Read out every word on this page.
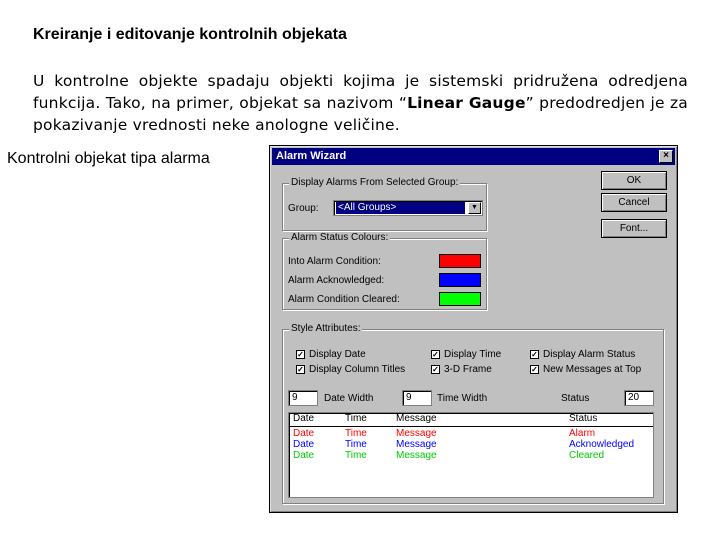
Kreiranje i editovanje kontrolnih objekata
U kontrolne objekte spadaju objekti kojima je sistemski pridružena odredjena funkcija. Tako, na primer, objekat sa nazivom “Linear Gauge” predodredjen je za pokazivanje vrednosti neke anologne veličine.
Kontrolni objekat tipa alarma	Alarm Wizard	×
Display Alarms From Selected Group:
Group: <All Groups>	▼
OK
Cancel
Font...
Alarm Status Colours:
Into Alarm Condition:
Alarm Acknowledged:
Alarm Condition Cleared:
Style Attributes:
✓ Display Date	✓ Display Time	✓ Display Alarm Status
✓ Display Column Titles	✓ 3-D Frame	✓ New Messages at Top
9	Date Width	9	Time Width	Status	20
Date	Time	Message	Status
Date	Time	Message	Alarm
Date	Time	Message	Acknowledged
Date	Time	Message	Cleared
